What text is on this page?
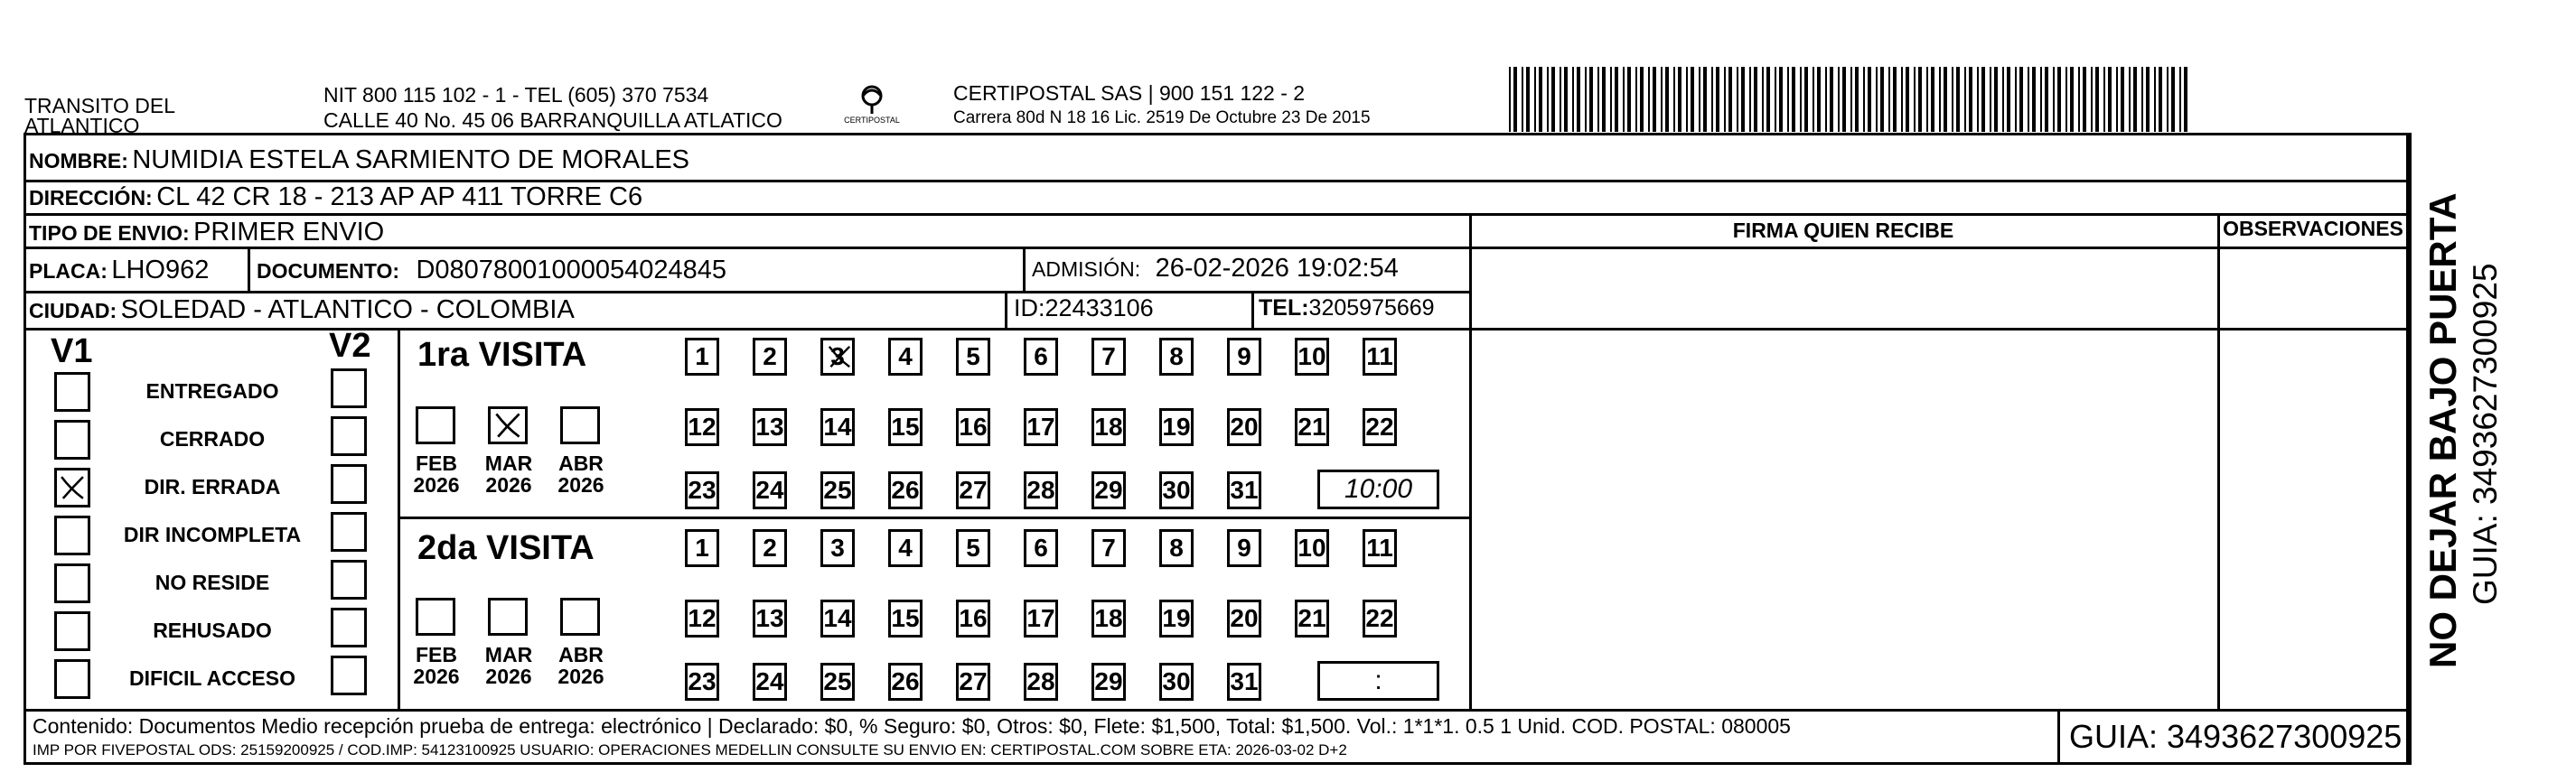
TRANSITO DEL
ATLANTICO
NIT 800 115 102 - 1 - TEL (605) 370 7534
CALLE 40 No. 45 06 BARRANQUILLA ATLATICO	CERTIPOSTAL
CERTIPOSTAL SAS | 900 151 122 - 2
Carrera 80d N 18 16 Lic. 2519 De Octubre 23 De 2015
NOMBRE: NUMIDIA ESTELA SARMIENTO DE MORALES
DIRECCIÓN: CL 42 CR 18 - 213 AP AP 411 TORRE C6
TIPO DE ENVIO: PRIMER ENVIO	FIRMA QUIEN RECIBE	OBSERVACIONES
PLACA: LHO962 DOCUMENTO: D08078001000054024845	ADMISIÓN: 26-02-2026 19:02:54
CIUDAD: SOLEDAD - ATLANTICO - COLOMBIA	ID:22433106	TEL:3205975669
V1	V2
ENTREGADO
CERRADO
DIR. ERRADA
DIR INCOMPLETA
NO RESIDE
REHUSADO
DIFICIL ACCESO
1ra VISITA
FEB
2026
MAR
2026
ABR
2026
1	2	3	4	5	6	7	8	9	10 11
12 13 14 15 16 17 18 19 20 21 22
23 24 25 26 27 28 29 30 31	10:00
2da VISITA
FEB
2026
MAR
2026
ABR
2026
1	2	3	4	5	6	7	8	9	10 11
12 13 14 15 16 17 18 19 20 21 22
23 24 25 26 27 28 29 30 31	:
Contenido: Documentos Medio recepción prueba de entrega: electrónico | Declarado: $0, % Seguro: $0, Otros: $0, Flete: $1,500, Total: $1,500. Vol.: 1*1*1. 0.5 1 Unid. COD. POSTAL: 080005
IMP POR FIVEPOSTAL ODS: 25159200925 / COD.IMP: 54123100925 USUARIO: OPERACIONES MEDELLIN CONSULTE SU ENVIO EN: CERTIPOSTAL.COM SOBRE ETA: 2026-03-02 D+2	GUIA: 3493627300925
NO DEJAR BAJO PUERTA GUIA: 3493627300925
